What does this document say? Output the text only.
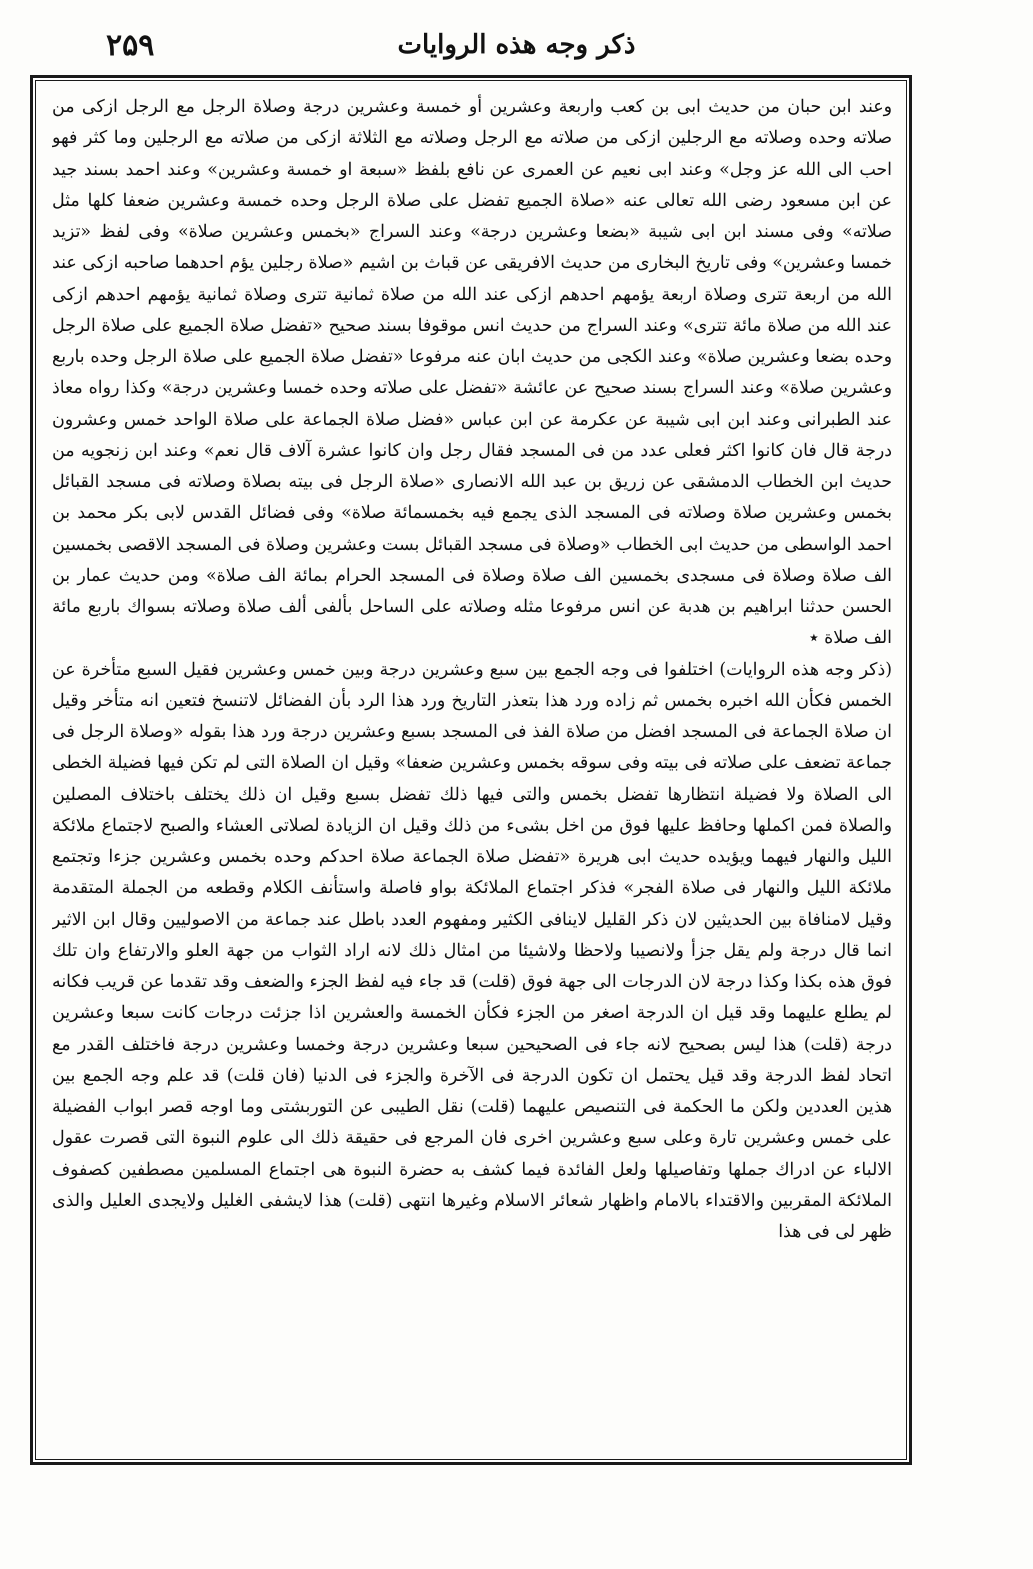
۲۵۹	ذکر وجه هذه الروايات

وعند ابن حبان من حديث ابى بن كعب واربعة وعشرين أو خمسة وعشرين درجة وصلاة الرجل مع الرجل ازكى من صلاته وحده وصلاته مع الرجلين ازكى من صلاته مع الرجل وصلاته مع الثلاثة ازكى من صلاته مع الرجلين وما كثر فهو احب الى الله عز وجل» وعند ابى نعيم عن العمرى عن نافع بلفظ «سبعة او خمسة وعشرين» وعند احمد بسند جيد عن ابن مسعود رضى الله تعالى عنه «صلاة الجميع تفضل على صلاة الرجل وحده خمسة وعشرين ضعفا كلها مثل صلاته» وفى مسند ابن ابى شيبة «بضعا وعشرين درجة» وعند السراج «بخمس وعشرين صلاة» وفى لفظ «تزيد خمسا وعشرين» وفى تاريخ البخارى من حديث الافريقى عن قباث بن اشيم «صلاة رجلين يؤم احدهما صاحبه ازكى عند الله من اربعة تترى وصلاة اربعة يؤمهم احدهم ازكى عند الله من صلاة ثمانية تترى وصلاة ثمانية يؤمهم احدهم ازكى عند الله من صلاة مائة تترى» وعند السراج من حديث انس موقوفا بسند صحيح «تفضل صلاة الجميع على صلاة الرجل وحده بضعا وعشرين صلاة» وعند الكجى من حديث ابان عنه مرفوعا «تفضل صلاة الجميع على صلاة الرجل وحده باربع وعشرين صلاة» وعند السراج بسند صحيح عن عائشة «تفضل على صلاته وحده خمسا وعشرين درجة» وكذا رواه معاذ عند الطبرانى وعند ابن ابى شيبة عن عكرمة عن ابن عباس «فضل صلاة الجماعة على صلاة الواحد خمس وعشرون درجة قال فان كانوا اكثر فعلى عدد من فى المسجد فقال رجل وان كانوا عشرة آلاف قال نعم» وعند ابن زنجويه من حديث ابن الخطاب الدمشقى عن زريق بن عبد الله الانصارى «صلاة الرجل فى بيته بصلاة وصلاته فى مسجد القبائل بخمس وعشرين صلاة وصلاته فى المسجد الذى يجمع فيه بخمسمائة صلاة» وفى فضائل القدس لابى بكر محمد بن احمد الواسطى من حديث ابى الخطاب «وصلاة فى مسجد القبائل بست وعشرين وصلاة فى المسجد الاقصى بخمسين الف صلاة وصلاة فى مسجدى بخمسين الف صلاة وصلاة فى المسجد الحرام بمائة الف صلاة» ومن حديث عمار بن الحسن حدثنا ابراهيم بن هدبة عن انس مرفوعا مثله وصلاته على الساحل بألفى ألف صلاة وصلاته بسواك باربع مائة الف صلاة ٭

(ذكر وجه هذه الروايات) اختلفوا فى وجه الجمع بين سبع وعشرين درجة وبين خمس وعشرين فقيل السبع متأخرة عن الخمس فكأن الله اخبره بخمس ثم زاده ورد هذا بتعذر التاريخ ورد هذا الرد بأن الفضائل لاتنسخ فتعين انه متأخر وقيل ان صلاة الجماعة فى المسجد افضل من صلاة الفذ فى المسجد بسبع وعشرين درجة ورد هذا بقوله «وصلاة الرجل فى جماعة تضعف على صلاته فى بيته وفى سوقه بخمس وعشرين ضعفا» وقيل ان الصلاة التى لم تكن فيها فضيلة الخطى الى الصلاة ولا فضيلة انتظارها تفضل بخمس والتى فيها ذلك تفضل بسبع وقيل ان ذلك يختلف باختلاف المصلين والصلاة فمن اكملها وحافظ عليها فوق من اخل بشىء من ذلك وقيل ان الزيادة لصلاتى العشاء والصبح لاجتماع ملائكة الليل والنهار فيهما ويؤيده حديث ابى هريرة «تفضل صلاة الجماعة صلاة احدكم وحده بخمس وعشرين جزءا وتجتمع ملائكة الليل والنهار فى صلاة الفجر» فذكر اجتماع الملائكة بواو فاصلة واستأنف الكلام وقطعه من الجملة المتقدمة وقيل لامنافاة بين الحديثين لان ذكر القليل لاينافى الكثير ومفهوم العدد باطل عند جماعة من الاصوليين وقال ابن الاثير انما قال درجة ولم يقل جزأ ولانصيبا ولاحظا ولاشيئا من امثال ذلك لانه اراد الثواب من جهة العلو والارتفاع وان تلك فوق هذه بكذا وكذا درجة لان الدرجات الى جهة فوق (قلت) قد جاء فيه لفظ الجزء والضعف وقد تقدما عن قريب فكانه لم يطلع عليهما وقد قيل ان الدرجة اصغر من الجزء فكأن الخمسة والعشرين اذا جزئت درجات كانت سبعا وعشرين درجة (قلت) هذا ليس بصحيح لانه جاء فى الصحيحين سبعا وعشرين درجة وخمسا وعشرين درجة فاختلف القدر مع اتحاد لفظ الدرجة وقد قيل يحتمل ان تكون الدرجة فى الآخرة والجزء فى الدنيا (فان قلت) قد علم وجه الجمع بين هذين العددين ولكن ما الحكمة فى التنصيص عليهما (قلت) نقل الطيبى عن التوربشتى وما اوجه قصر ابواب الفضيلة على خمس وعشرين تارة وعلى سبع وعشرين اخرى فان المرجع فى حقيقة ذلك الى علوم النبوة التى قصرت عقول الالباء عن ادراك جملها وتفاصيلها ولعل الفائدة فيما كشف به حضرة النبوة هى اجتماع المسلمين مصطفين كصفوف الملائكة المقربين والاقتداء بالامام واظهار شعائر الاسلام وغيرها انتهى (قلت) هذا لايشفى الغليل ولايجدى العليل والذى ظهر لى فى هذا
